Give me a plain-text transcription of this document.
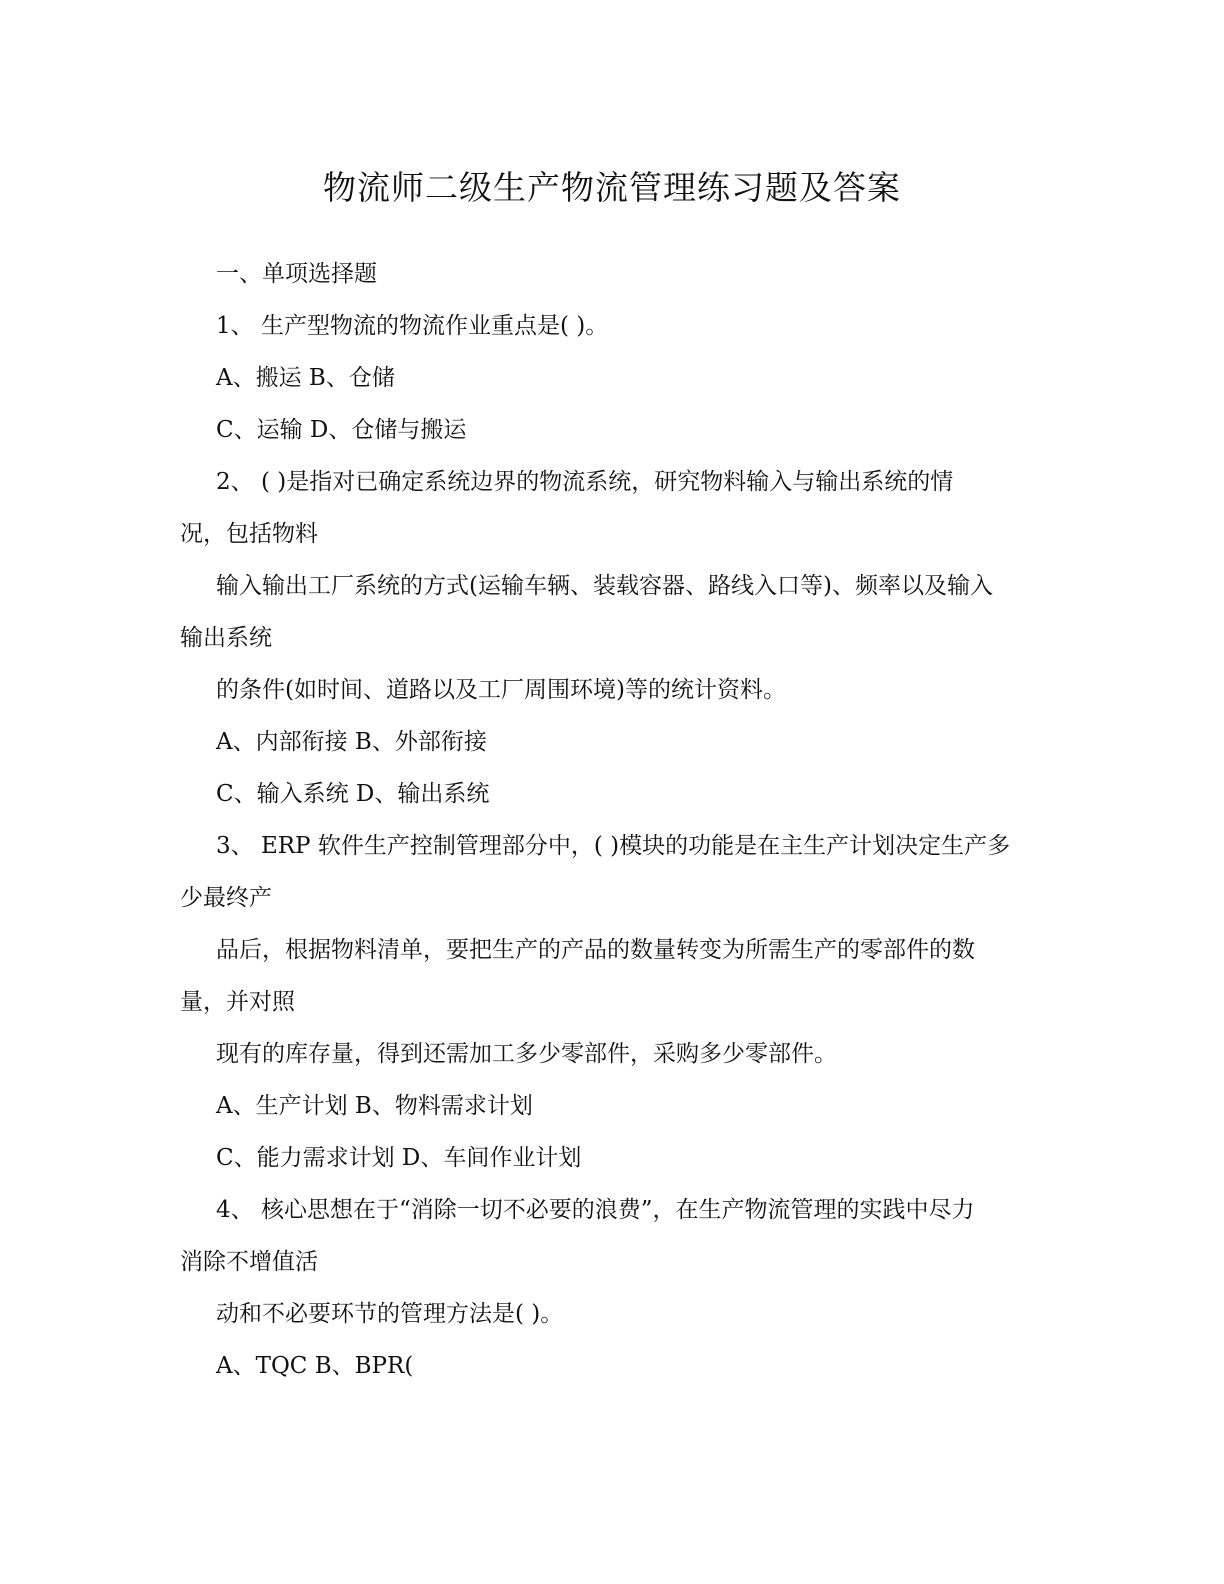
物流师二级生产物流管理练习题及答案

一、单项选择题

1、 生产型物流的物流作业重点是( )。

A、搬运 B、仓储

C、运输 D、仓储与搬运

2、 ( )是指对已确定系统边界的物流系统，研究物料输入与输出系统的情

况，包括物料

输入输出工厂系统的方式(运输车辆、装载容器、路线入口等)、频率以及输入

输出系统

的条件(如时间、道路以及工厂周围环境)等的统计资料。

A、内部衔接 B、外部衔接

C、输入系统 D、输出系统

3、 ERP 软件生产控制管理部分中，( )模块的功能是在主生产计划决定生产多

少最终产

品后，根据物料清单，要把生产的产品的数量转变为所需生产的零部件的数

量，并对照

现有的库存量，得到还需加工多少零部件，采购多少零部件。

A、生产计划 B、物料需求计划

C、能力需求计划 D、车间作业计划

4、 核心思想在于“消除一切不必要的浪费”，在生产物流管理的实践中尽力

消除不增值活

动和不必要环节的管理方法是( )。

A、TQC B、BPR(
